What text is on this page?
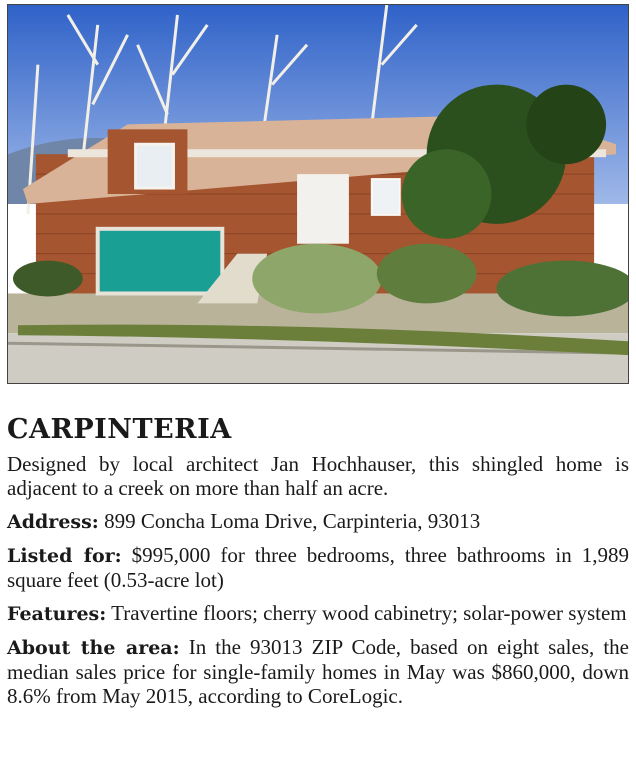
CARPINTERIA

Designed by local architect Jan Hochhauser, this shingled home is adjacent to a creek on more than half an acre.

Address: 899 Concha Loma Drive, Carpinteria, 93013

Listed for: $995,000 for three bedrooms, three bathrooms in 1,989 square feet (0.53-acre lot)

Features: Travertine floors; cherry wood cabinetry; solar-power system

About the area: In the 93013 ZIP Code, based on eight sales, the median sales price for single-family homes in May was $860,000, down 8.6% from May 2015, according to CoreLogic.
